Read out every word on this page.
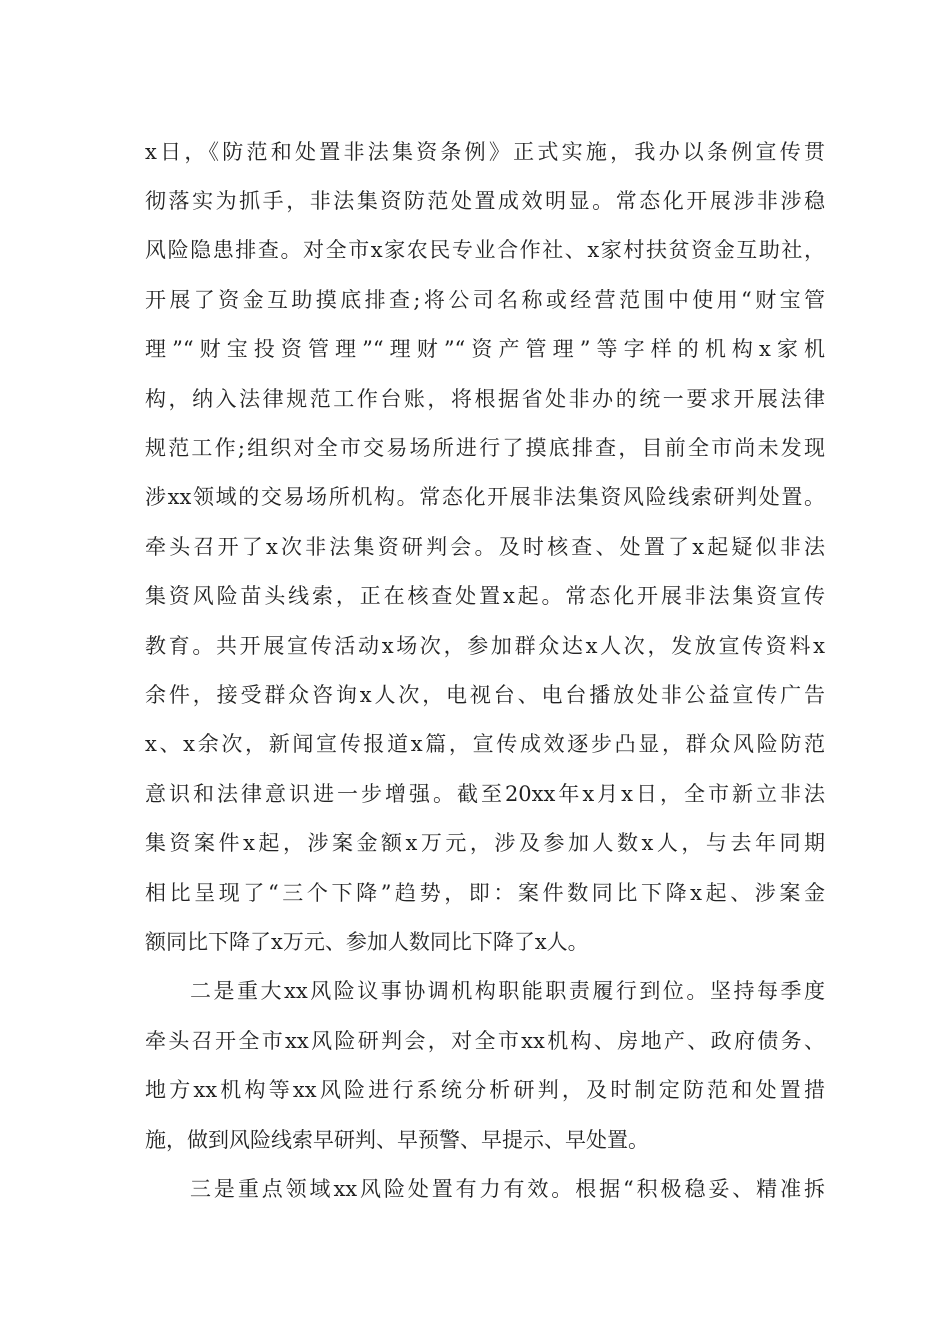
x日，《防范和处置非法集资条例》正式实施，我办以条例宣传贯
彻落实为抓手，非法集资防范处置成效明显。常态化开展涉非涉稳
风险隐患排查。对全市x家农民专业合作社、x家村扶贫资金互助社，
开展了资金互助摸底排查;将公司名称或经营范围中使用“财宝管
理”“财宝投资管理”“理财”“资产管理”等字样的机构x家机
构，纳入法律规范工作台账，将根据省处非办的统一要求开展法律
规范工作;组织对全市交易场所进行了摸底排查，目前全市尚未发现
涉xx领域的交易场所机构。常态化开展非法集资风险线索研判处置。
牵头召开了x次非法集资研判会。及时核查、处置了x起疑似非法
集资风险苗头线索，正在核查处置x起。常态化开展非法集资宣传
教育。共开展宣传活动x场次，参加群众达x人次，发放宣传资料x
余件，接受群众咨询x人次，电视台、电台播放处非公益宣传广告
x、x余次，新闻宣传报道x篇，宣传成效逐步凸显，群众风险防范
意识和法律意识进一步增强。截至20xx年x月x日，全市新立非法
集资案件x起，涉案金额x万元，涉及参加人数x人，与去年同期
相比呈现了“三个下降”趋势，即：案件数同比下降x起、涉案金
额同比下降了x万元、参加人数同比下降了x人。
二是重大xx风险议事协调机构职能职责履行到位。坚持每季度
牵头召开全市xx风险研判会，对全市xx机构、房地产、政府债务、
地方xx机构等xx风险进行系统分析研判，及时制定防范和处置措
施，做到风险线索早研判、早预警、早提示、早处置。
三是重点领域xx风险处置有力有效。根据“积极稳妥、精准拆
